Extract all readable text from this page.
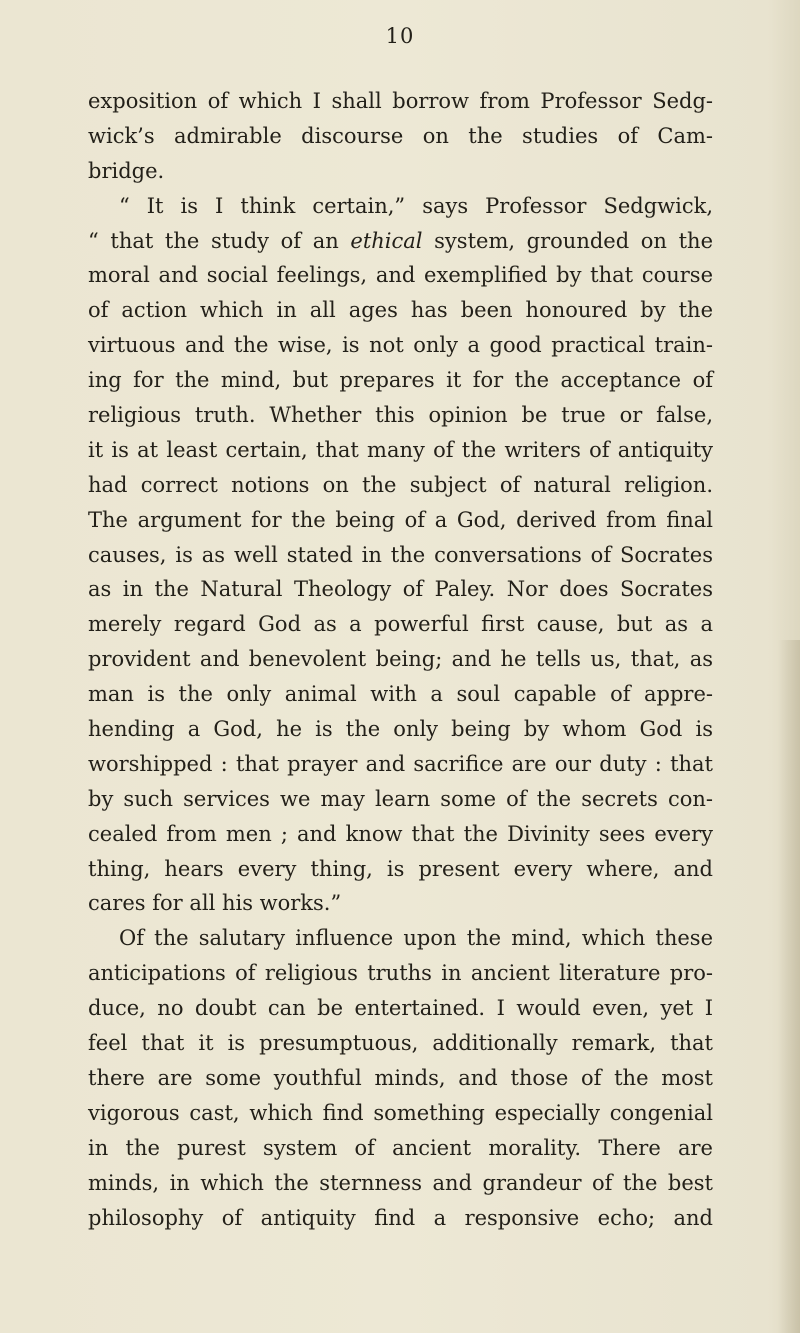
10
exposition of which I shall borrow from Professor Sedg-
wick’s admirable discourse on the studies of Cam-
bridge.
“ It is I think certain,” says Professor Sedgwick,
“ that the study of an ethical system, grounded on the
moral and social feelings, and exemplified by that course
of action which in all ages has been honoured by the
virtuous and the wise, is not only a good practical train-
ing for the mind, but prepares it for the acceptance of
religious truth. Whether this opinion be true or false,
it is at least certain, that many of the writers of antiquity
had correct notions on the subject of natural religion.
The argument for the being of a God, derived from final
causes, is as well stated in the conversations of Socrates
as in the Natural Theology of Paley. Nor does Socrates
merely regard God as a powerful first cause, but as a
provident and benevolent being; and he tells us, that, as
man is the only animal with a soul capable of appre-
hending a God, he is the only being by whom God is
worshipped : that prayer and sacrifice are our duty : that
by such services we may learn some of the secrets con-
cealed from men ; and know that the Divinity sees every
thing, hears every thing, is present every where, and
cares for all his works.”
Of the salutary influence upon the mind, which these
anticipations of religious truths in ancient literature pro-
duce, no doubt can be entertained. I would even, yet I
feel that it is presumptuous, additionally remark, that
there are some youthful minds, and those of the most
vigorous cast, which find something especially congenial
in the purest system of ancient morality. There are
minds, in which the sternness and grandeur of the best
philosophy of antiquity find a responsive echo; and
